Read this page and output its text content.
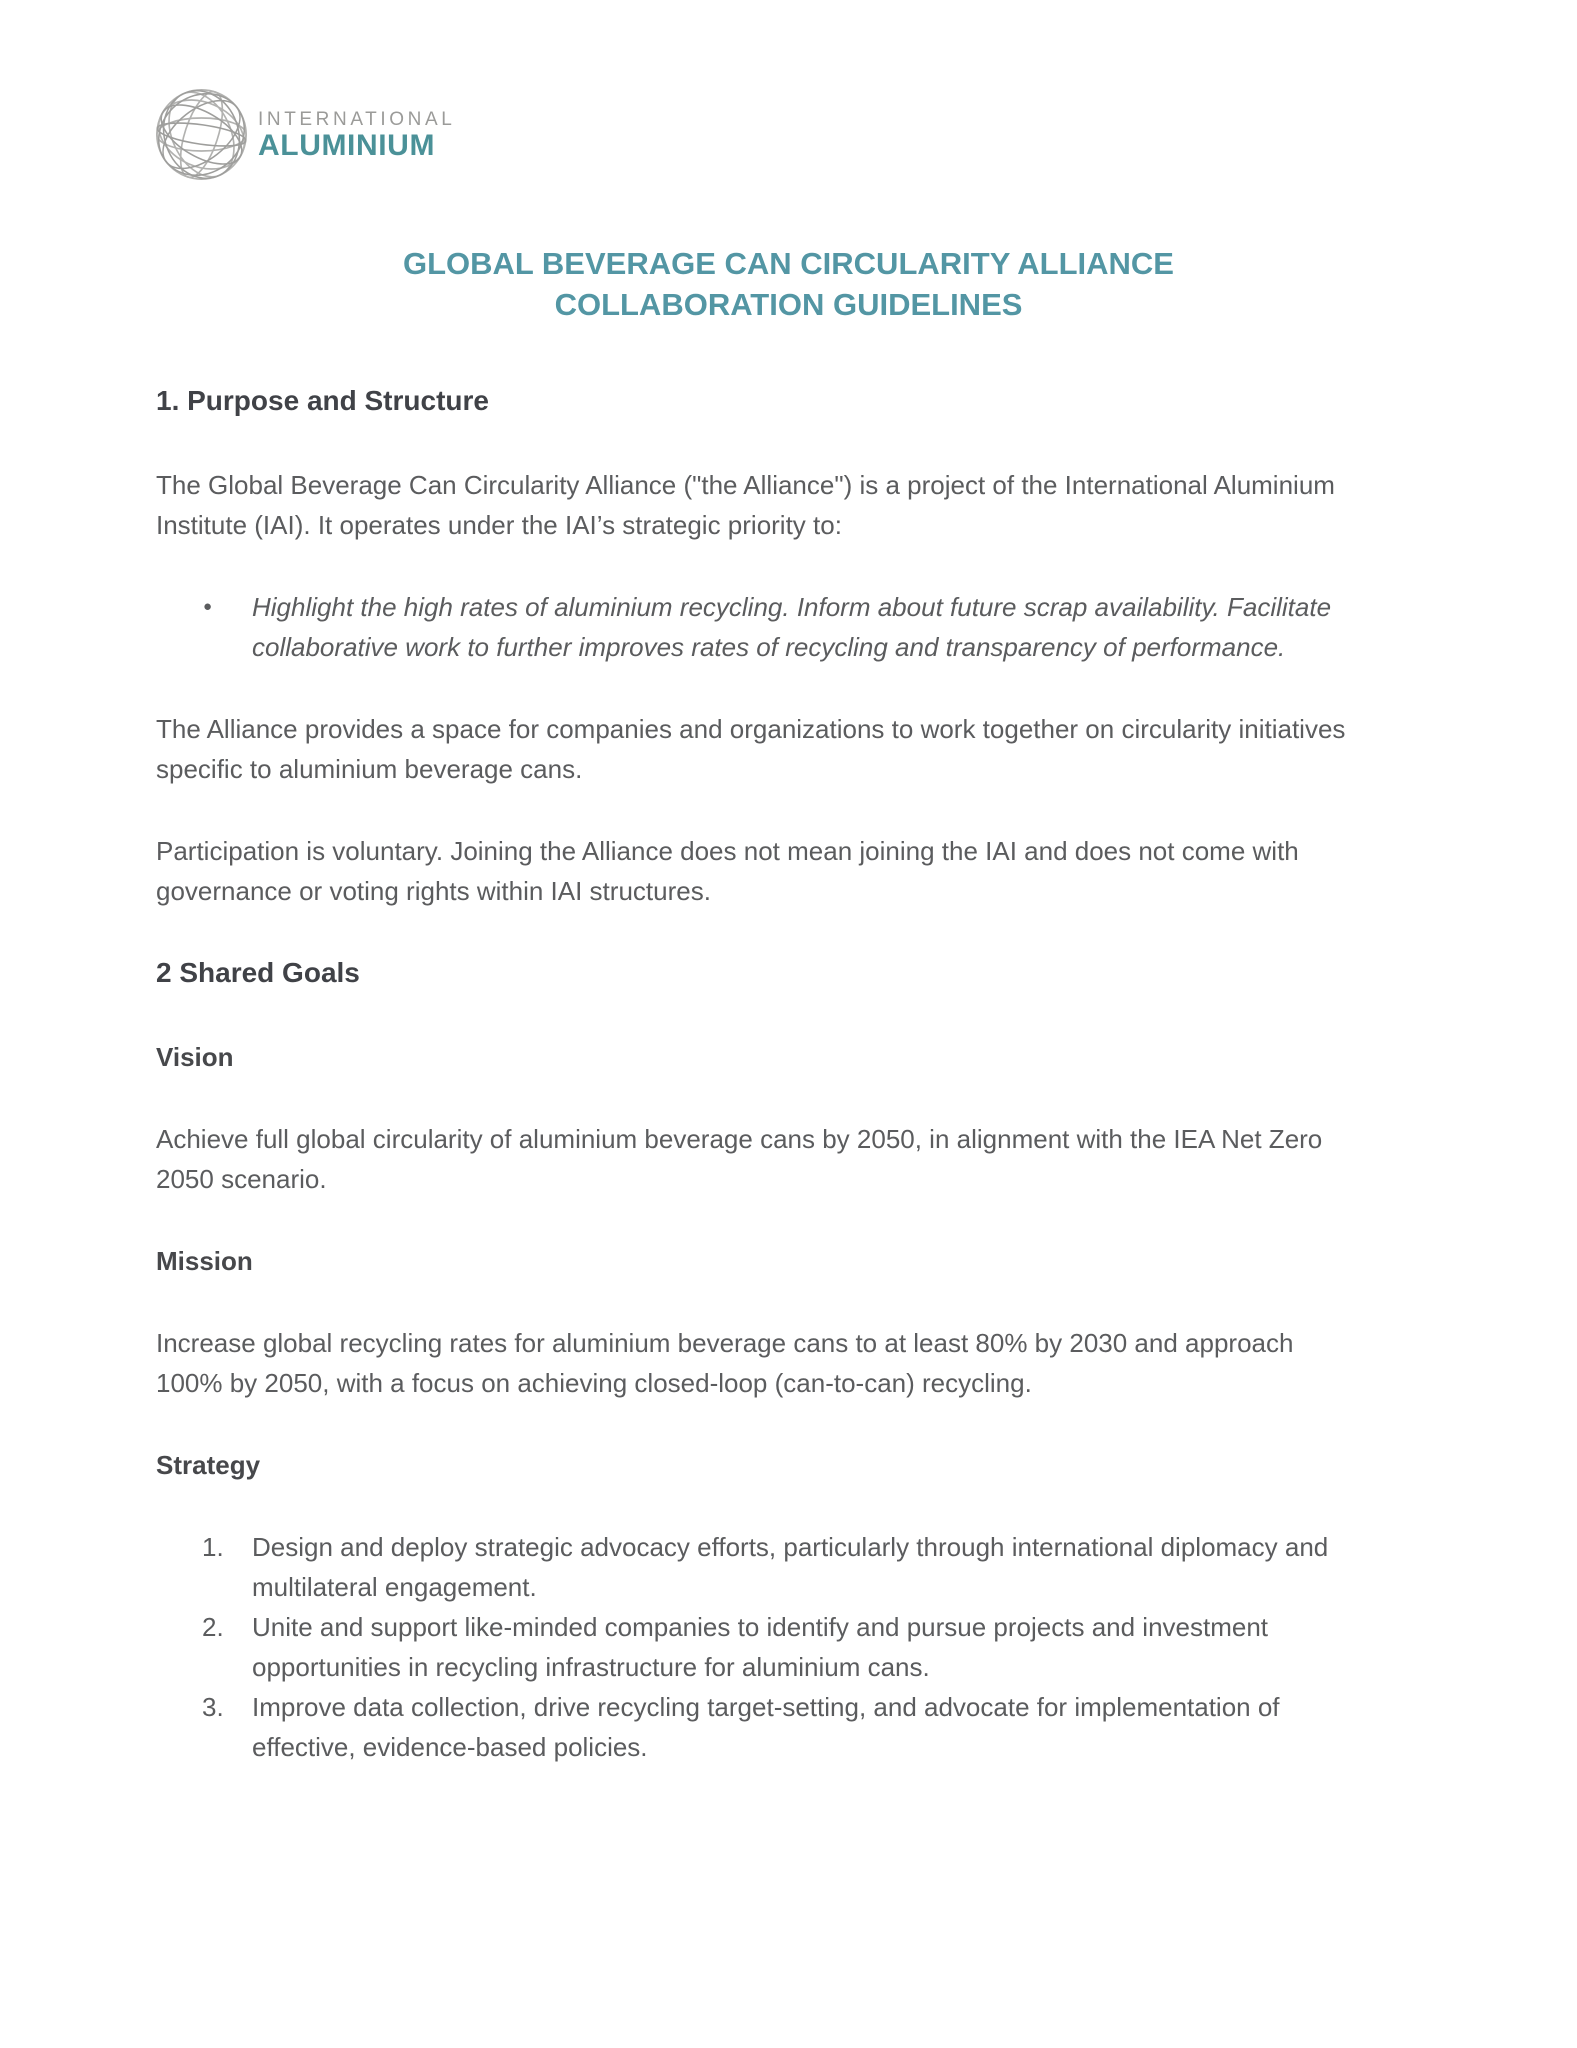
INTERNATIONAL
ALUMINIUM
GLOBAL BEVERAGE CAN CIRCULARITY ALLIANCE
COLLABORATION GUIDELINES
1. Purpose and Structure

The Global Beverage Can Circularity Alliance ("the Alliance") is a project of the International Aluminium Institute (IAI). It operates under the IAI’s strategic priority to:

● Highlight the high rates of aluminium recycling. Inform about future scrap availability. Facilitate collaborative work to further improves rates of recycling and transparency of performance.

The Alliance provides a space for companies and organizations to work together on circularity initiatives specific to aluminium beverage cans.

Participation is voluntary. Joining the Alliance does not mean joining the IAI and does not come with governance or voting rights within IAI structures.

2 Shared Goals
Vision

Achieve full global circularity of aluminium beverage cans by 2050, in alignment with the IEA Net Zero 2050 scenario.

Mission

Increase global recycling rates for aluminium beverage cans to at least 80% by 2030 and approach 100% by 2050, with a focus on achieving closed-loop (can-to-can) recycling.

Strategy
Design and deploy strategic advocacy efforts, particularly through international diplomacy and multilateral engagement.
Unite and support like-minded companies to identify and pursue projects and investment opportunities in recycling infrastructure for aluminium cans.
Improve data collection, drive recycling target-setting, and advocate for implementation of effective, evidence-based policies.
